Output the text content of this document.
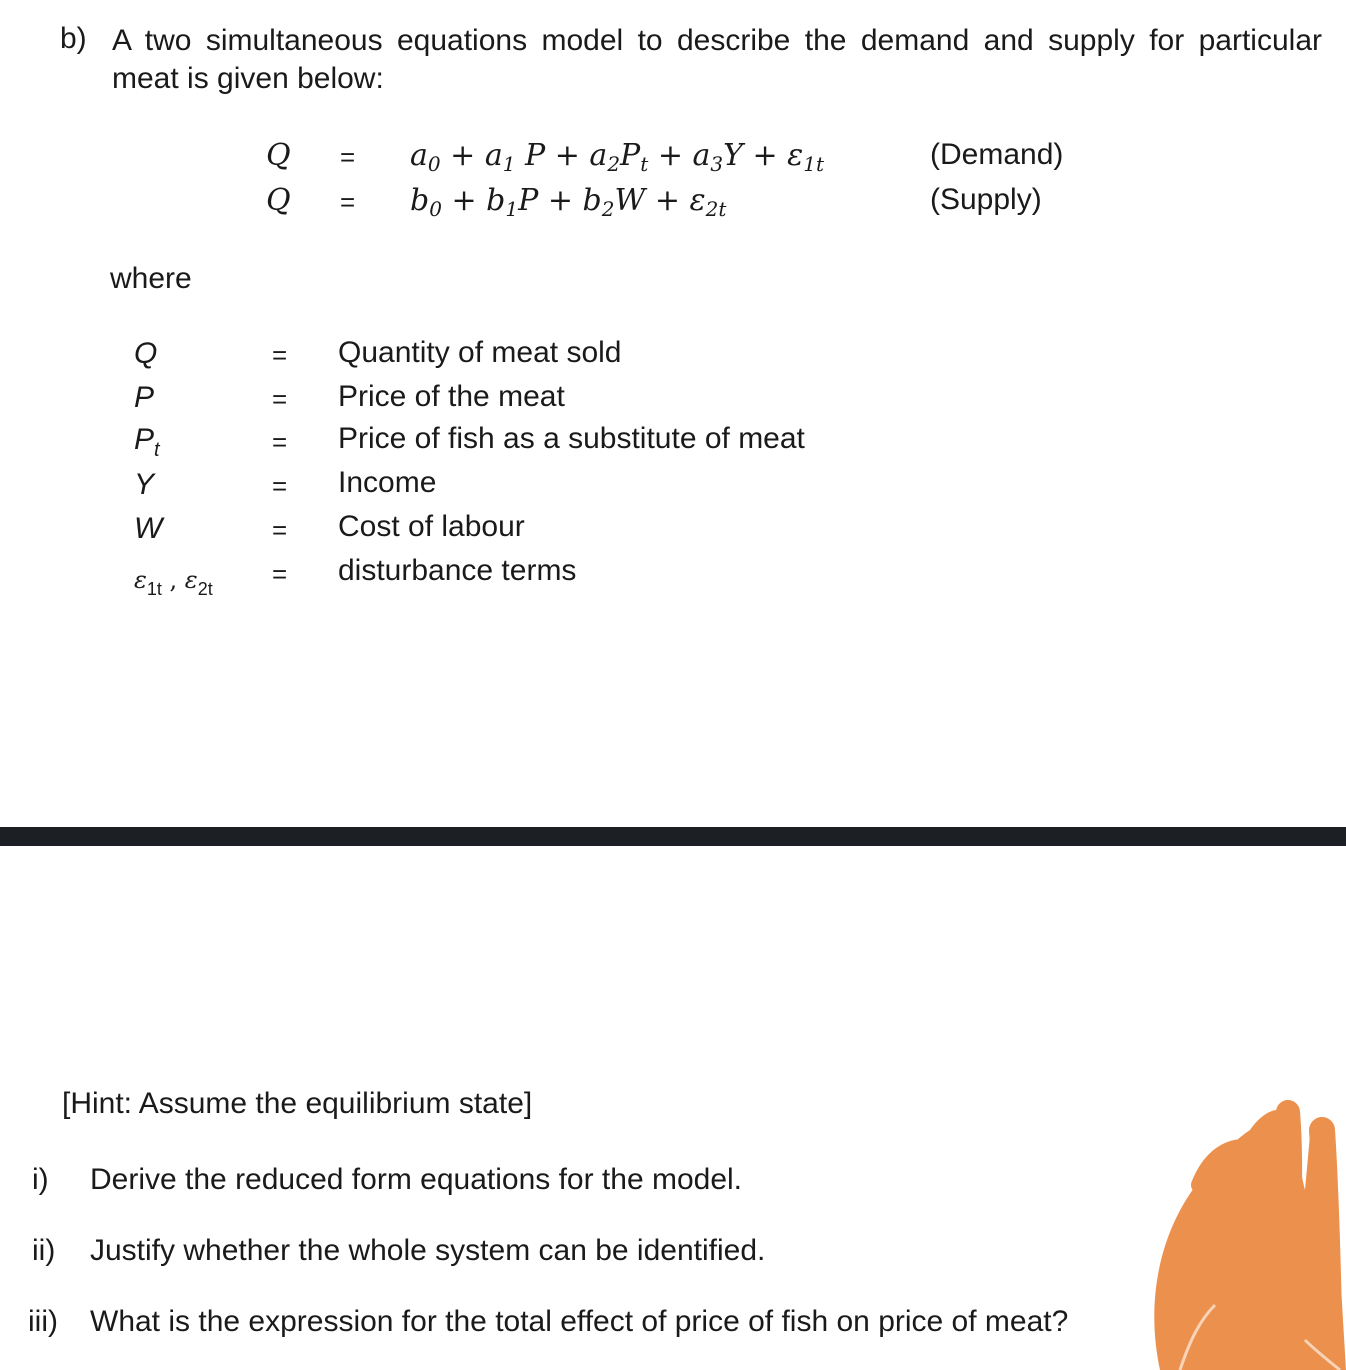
b) A two simultaneous equations model to describe the demand and supply for particular meat is given below:
$Q = a_0 + a_1$ $P + a_2P_t + a_3Y + \varepsilon_{1t}$	(Demand)
$Q = b_0 + b_1P + b_2W + \varepsilon_{2t}$	(Supply)
where
Q	= Quantity of meat sold
P	= Price of the meat
$P_t$	= Price of fish as a substitute of meat
Y	= Income
W	= Cost of labour
$\varepsilon_{1t}$ , $\varepsilon_{2t}$ = disturbance terms
[Hint: Assume the equilibrium state]
i) Derive the reduced form equations for the model.
ii) Justify whether the whole system can be identified.
iii) What is the expression for the total effect of price of fish on price of meat?
